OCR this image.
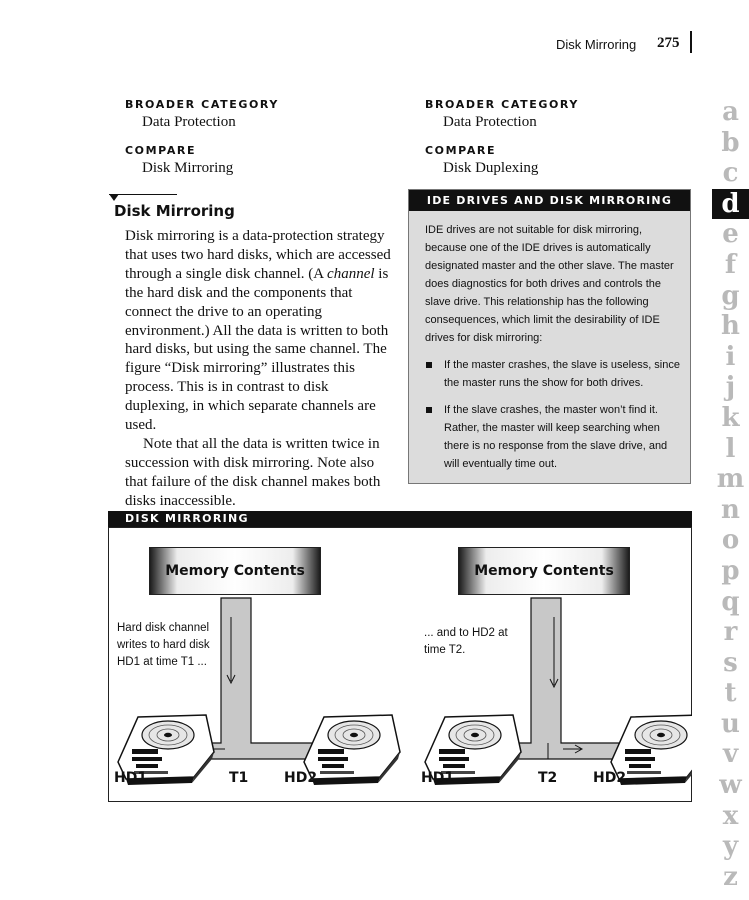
Disk Mirroring 275
BROADER CATEGORY
Data Protection
COMPARE
Disk Mirroring
BROADER CATEGORY
Data Protection
COMPARE
Disk Duplexing
Disk Mirroring

Disk mirroring is a data-protection strategy that uses two hard disks, which are accessed through a single disk channel. (A channel is the hard disk and the components that connect the drive to an operating environment.) All the data is written to both hard disks, but using the same channel. The figure “Disk mirroring” illustrates this process. This is in contrast to disk duplexing, in which separate channels are used.

Note that all the data is written twice in succession with disk mirroring. Note also that failure of the disk channel makes both disks inaccessible.

IDE DRIVES AND DISK MIRRORING

IDE drives are not suitable for disk mirroring, because one of the IDE drives is automatically designated master and the other slave. The master does diagnostics for both drives and controls the slave drive. This relationship has the following consequences, which limit the desirability of IDE drives for disk mirroring:

If the master crashes, the slave is useless, since the master runs the show for both drives.
If the slave crashes, the master won’t find it. Rather, the master will keep searching when there is no response from the slave drive, and will eventually time out.
a
b
c
d
e
f
g
h
i
j
k
l
m
n
o
p
q
r
s
t
u
v
w
x
y
z
DISK MIRRORING
Memory Contents	Memory Contents
Hard disk channel writes to hard disk HD1 at time T1 ...
... and to HD2 at time T2.
HD1	T1	HD2	HD1	T2	HD2
